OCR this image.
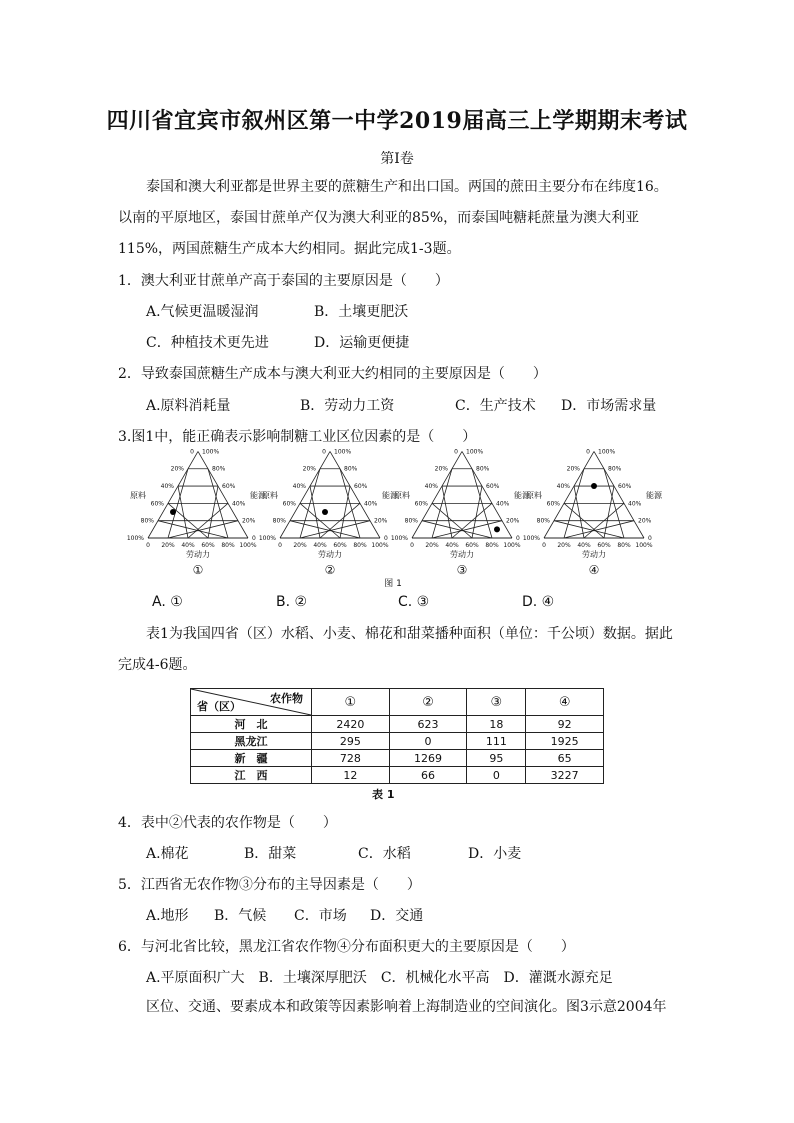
四川省宜宾市叙州区第一中学2019届高三上学期期末考试
第Ⅰ卷
泰国和澳大利亚都是世界主要的蔗糖生产和出口国。两国的蔗田主要分布在纬度16。以南的平原地区，泰国甘蔗单产仅为澳大利亚的85%，而泰国吨糖耗蔗量为澳大利亚115%，两国蔗糖生产成本大约相同。据此完成1-3题。
1．澳大利亚甘蔗单产高于泰国的主要原因是（　　）
A.气候更温暖湿润	B．土壤更肥沃
C．种植技术更先进	D．运输更便捷
2．导致泰国蔗糖生产成本与澳大利亚大约相同的主要原因是（　　）
A.原料消耗量	B．劳动力工资	C．生产技术 D．市场需求量
3.图1中，能正确表示影响制糖工业区位因素的是（　　）
0
0
0
20%
20%
20%
40%
40%
40%
60%
60%
60%
80%
80%
80%
100%
100%
100%
原料	能源
劳动力
①
0
0
0
20%
20%
20%
40%
40%
40%
60%
60%
60%
80%
80%
80%
100%
100%
100%
原料	能源
劳动力
②
0
0
0
20%
20%
20%
40%
40%
40%
60%
60%
60%
80%
80%
80%
100%
100%
100%
原料	能源
劳动力
③
0
0
0
20%
20%
20%
40%
40%
40%
60%
60%
60%
80%
80%
80%
100%
100%
100%
原料	能源
劳动力
④
图 1
A. ①	B. ②	C. ③	D. ④
表1为我国四省（区）水稻、小麦、棉花和甜菜播种面积（单位：千公顷）数据。据此完成4-6题。
农作物
省（区）	①	②	③	④
河　北	2420	623	18	92
黑龙江	295	0	111	1925
新　疆	728	1269	95	65
江　西	12	66	0	3227
表 1
4．表中②代表的农作物是（　　）
A.棉花	B．甜菜	C．水稻	D．小麦
5．江西省无农作物③分布的主导因素是（　　）
A.地形 B．气候 C．市场 D．交通
6．与河北省比较，黑龙江省农作物④分布面积更大的主要原因是（　　）
A.平原面积广大　B．土壤深厚肥沃　C．机械化水平高　D．灌溉水源充足
区位、交通、要素成本和政策等因素影响着上海制造业的空间演化。图3示意2004年
